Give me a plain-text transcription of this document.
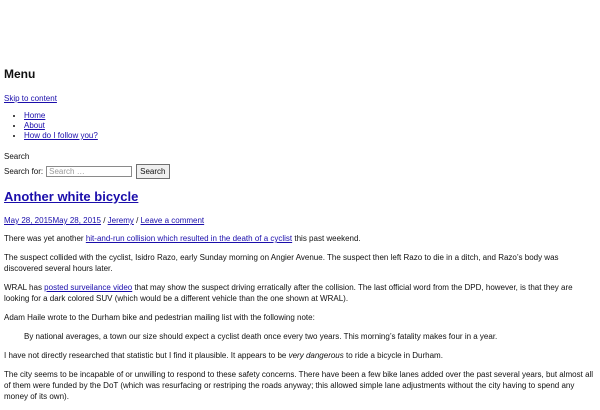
Menu
Skip to content
• Home
• About
• How do I follow you?
Search
Search for:
Search …	Search
Another white bicycle
May 28, 2015May 28, 2015 / Jeremy / Leave a comment

There was yet another hit-and-run collision which resulted in the death of a cyclist this past weekend.

The suspect collided with the cyclist, Isidro Razo, early Sunday morning on Angier Avenue. The suspect then left Razo to die in a ditch, and Razo’s body was discovered several hours later.

WRAL has posted surveilance video that may show the suspect driving erratically after the collision. The last official word from the DPD, however, is that they are looking for a dark colored SUV (which would be a different vehicle than the one shown at WRAL).

Adam Haile wrote to the Durham bike and pedestrian mailing list with the following note:

By national averages, a town our size should expect a cyclist death once every two years. This morning’s fatality makes four in a year.

I have not directly researched that statistic but I find it plausible. It appears to be very dangerous to ride a bicycle in Durham.

The city seems to be incapable of or unwilling to respond to these safety concerns. There have been a few bike lanes added over the past several years, but almost all of them were funded by the DoT (which was resurfacing or restriping the roads anyway; this allowed simple lane adjustments without the city having to spend any money of its own).
